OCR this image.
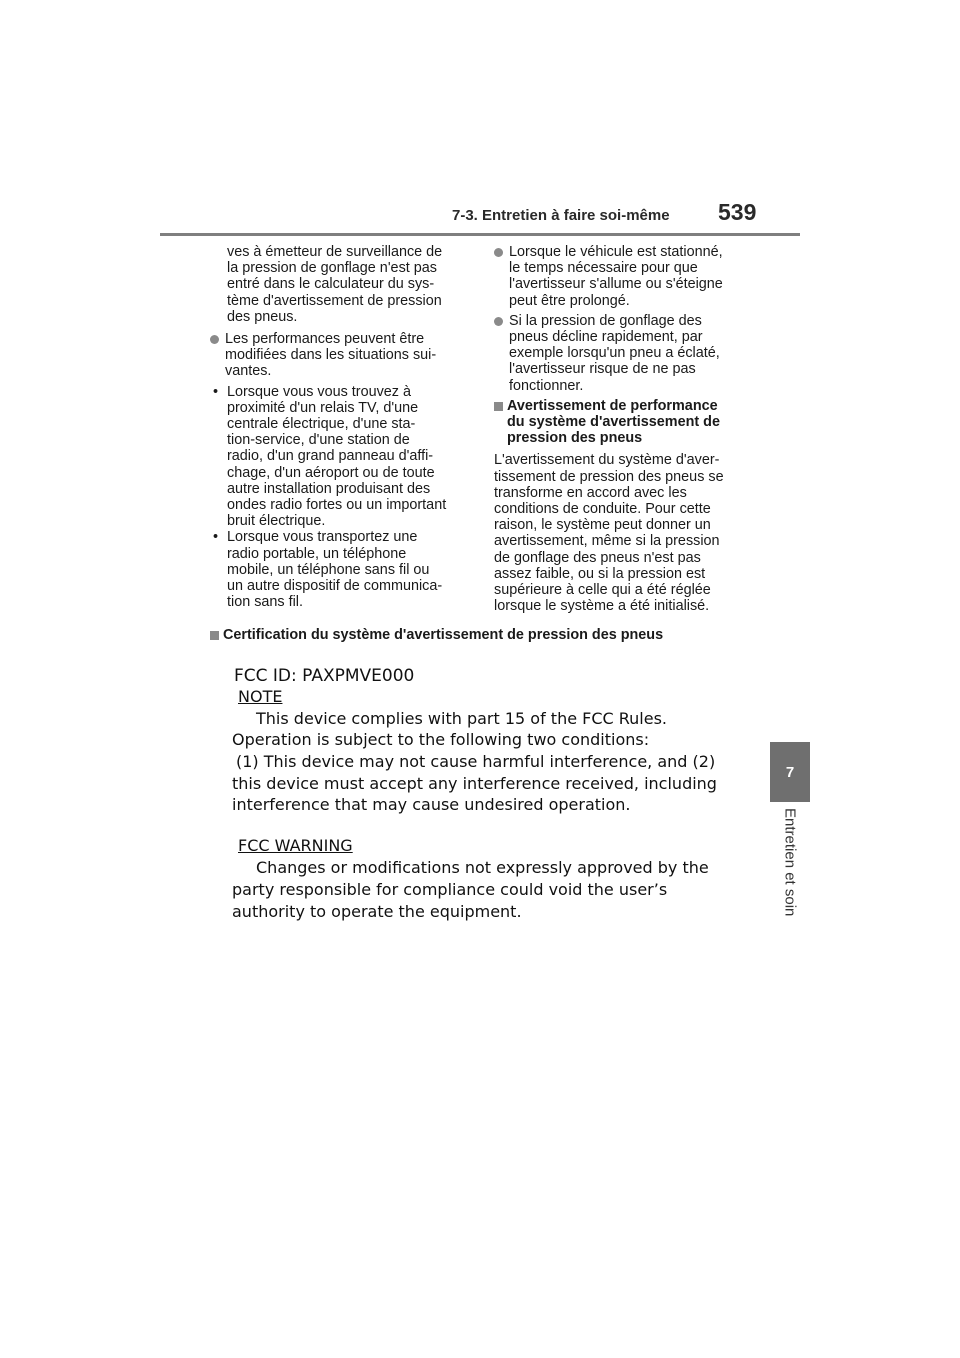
7-3. Entretien à faire soi-même 539
7
Entretien et soin
ves à émetteur de surveillance de
la pression de gonflage n'est pas
entré dans le calculateur du sys-
tème d'avertissement de pression
des pneus.
Les performances peuvent être
modifiées dans les situations sui-
vantes.
• Lorsque vous vous trouvez à
proximité d'un relais TV, d'une
centrale électrique, d'une sta-
tion-service, d'une station de
radio, d'un grand panneau d'affi-
chage, d'un aéroport ou de toute
autre installation produisant des
ondes radio fortes ou un important
bruit électrique.
• Lorsque vous transportez une
radio portable, un téléphone
mobile, un téléphone sans fil ou
un autre dispositif de communica-
tion sans fil.
Lorsque le véhicule est stationné,
le temps nécessaire pour que
l'avertisseur s'allume ou s'éteigne
peut être prolongé.
Si la pression de gonflage des
pneus décline rapidement, par
exemple lorsqu'un pneu a éclaté,
l'avertisseur risque de ne pas
fonctionner.
Avertissement de performance
du système d'avertissement de
pression des pneus
L'avertissement du système d'aver-
tissement de pression des pneus se
transforme en accord avec les
conditions de conduite. Pour cette
raison, le système peut donner un
avertissement, même si la pression
de gonflage des pneus n'est pas
assez faible, ou si la pression est
supérieure à celle qui a été réglée
lorsque le système a été initialisé.
Certification du système d'avertissement de pression des pneus
FCC ID: PAXPMVE000
NOTE
This device complies with part 15 of the FCC Rules.
Operation is subject to the following two conditions:
(1) This device may not cause harmful interference, and (2)
this device must accept any interference received, including
interference that may cause undesired operation.
FCC WARNING
Changes or modifications not expressly approved by the
party responsible for compliance could void the user’s
authority to operate the equipment.
